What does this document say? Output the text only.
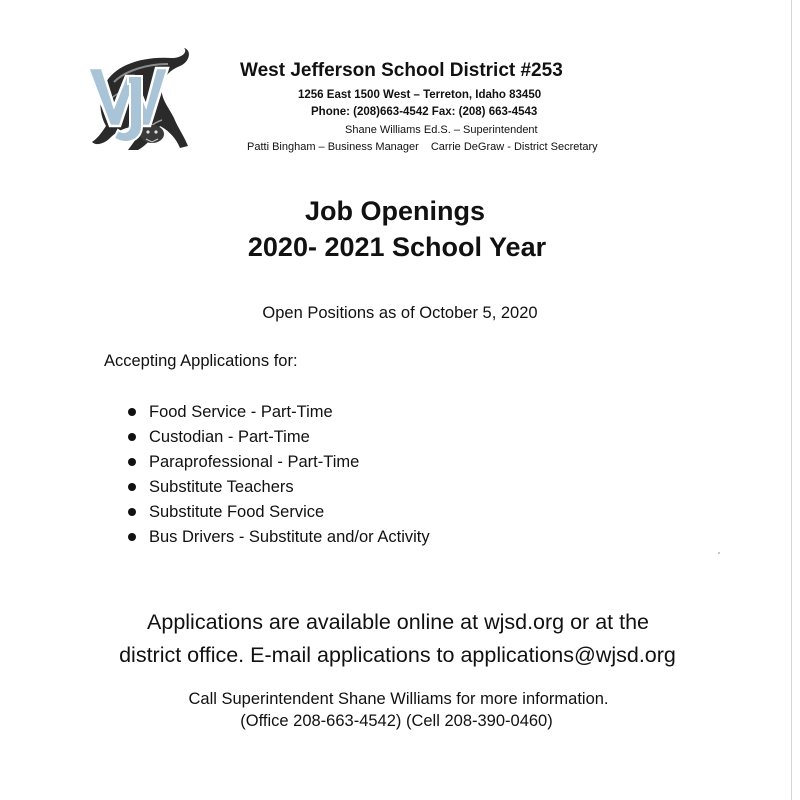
West Jefferson School District #253
1256 East 1500 West – Terreton, Idaho 83450
Phone: (208)663-4542 Fax: (208) 663-4543
Shane Williams Ed.S. – Superintendent
Patti Bingham – Business Manager Carrie DeGraw - District Secretary
Job Openings
2020- 2021 School Year
Open Positions as of October 5, 2020
Accepting Applications for:
Food Service - Part-Time
Custodian - Part-Time
Paraprofessional - Part-Time
Substitute Teachers
Substitute Food Service
Bus Drivers - Substitute and/or Activity
Applications are available online at wjsd.org or at the
district office. E-mail applications to applications@wjsd.org
Call Superintendent Shane Williams for more information.
(Office 208-663-4542) (Cell 208-390-0460)
